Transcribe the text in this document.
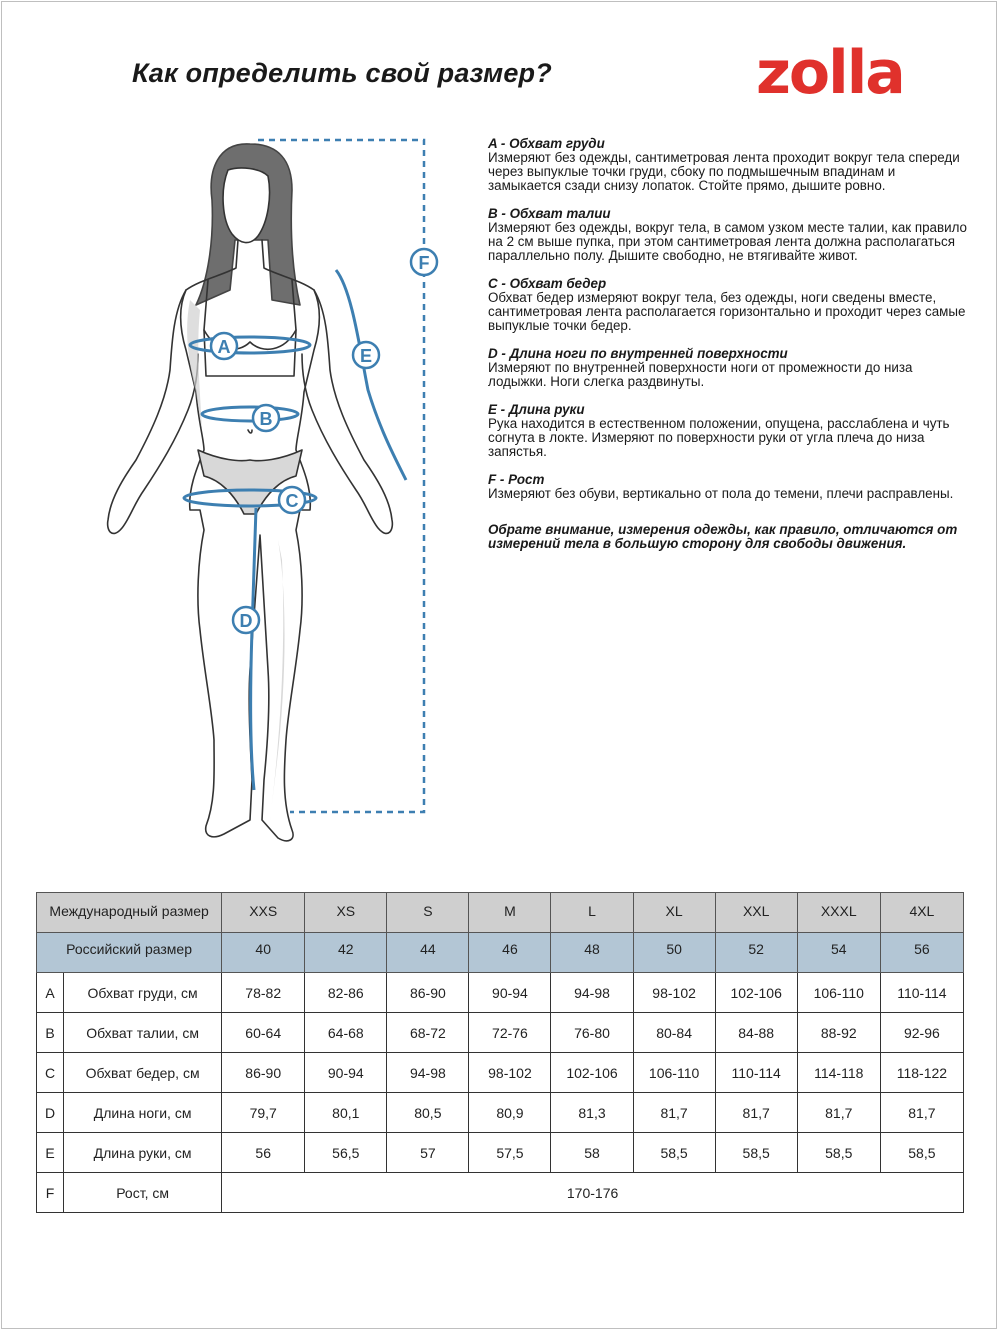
Как определить свой размер?	zolla
A
B
C
D
E
F
A - Обхват груди
Измеряют без одежды, сантиметровая лента проходит вокруг тела спереди через выпуклые точки груди, сбоку по подмышечным впадинам и замыкается сзади снизу лопаток. Стойте прямо, дышите ровно.
B - Обхват талии
Измеряют без одежды, вокруг тела, в самом узком месте талии, как правило на 2 см выше пупка, при этом сантиметровая лента должна располагаться параллельно полу. Дышите свободно, не втягивайте живот.
C - Обхват бедер
Обхват бедер измеряют вокруг тела, без одежды, ноги сведены вместе, сантиметровая лента располагается горизонтально и проходит через самые выпуклые точки бедер.
D - Длина ноги по внутренней поверхности
Измеряют по внутренней поверхности ноги от промежности до низа лодыжки. Ноги слегка раздвинуты.
E - Длина руки
Рука находится в естественном положении, опущена, расслаблена и чуть согнута в локте. Измеряют по поверхности руки от угла плеча до низа запястья.
F - Рост
Измеряют без обуви, вертикально от пола до темени, плечи расправлены.
Обрате внимание, измерения одежды, как правило, отличаются от измерений тела в большую сторону для свободы движения.
Международный размер		XXS	XS	S	M	L	XL	XXL	XXXL	4XL
Российский размер		40	42	44	46	48	50	52	54	56
A	Обхват груди, см	78-82	82-86	86-90	90-94	94-98	98-102	102-106	106-110	110-114
B	Обхват талии, см	60-64	64-68	68-72	72-76	76-80	80-84	84-88	88-92	92-96
C	Обхват бедер, см	86-90	90-94	94-98	98-102	102-106	106-110	110-114	114-118	118-122
D	Длина ноги, см	79,7	80,1	80,5	80,9	81,3	81,7	81,7	81,7	81,7
E	Длина руки, см	56	56,5	57	57,5	58	58,5	58,5	58,5	58,5
F	Рост, см	170-176								
